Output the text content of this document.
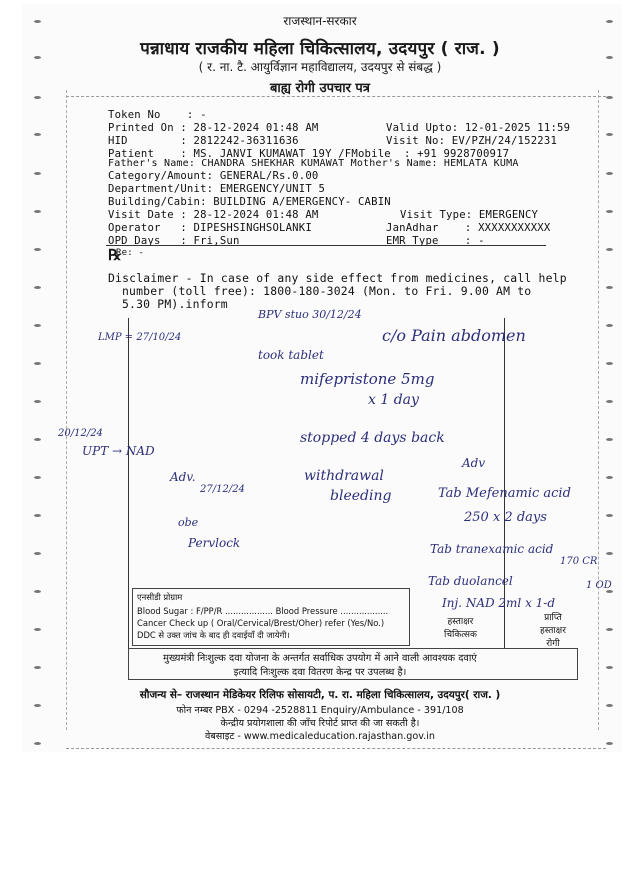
राजस्थान-सरकार
पन्नाधाय राजकीय महिला चिकित्सालय, उदयपुर ( राज. )
( र. ना. टै. आयुर्विज्ञान महाविद्यालय, उदयपुर से संबद्ध )
बाह्य रोगी उपचार पत्र
Token No    : -
Printed On : 28-12-2024 01:48 AM	Valid Upto: 12-01-2025 11:59
HID        : 2812242-36311636	Visit No: EV/PZH/24/152231
Patient    : MS. JANVI KUMAWAT 19Y /FMobile  : +91 9928700917
Father's Name: CHANDRA SHEKHAR KUMAWAT Mother's Name: HEMLATA KUMA
Category/Amount: GENERAL/Rs.0.00
Department/Unit: EMERGENCY/UNIT 5
Building/Cabin: BUILDING A/EMERGENCY- CABIN
Visit Date : 28-12-2024 01:48 AM	Visit Type: EMERGENCY
Operator   : DIPESHSINGHSOLANKI	JanAdhar    : XXXXXXXXXXX
OPD Days   : Fri,Sun	EMR Type    : -
Re: -
℞
Disclaimer - In case of any side effect from medicines, call help
number (toll free): 1800-180-3024 (Mon. to Fri. 9.00 AM to
5.30 PM).inform
BPV stuo 30/12/24
LMP = 27/10/24	c/o Pain abdomen
took tablet
mifepristone 5mg
x 1 day
stopped 4 days back
withdrawal
bleeding
20/12/24
UPT → NAD
Adv.
27/12/24
obe
Pervlock
Adv
Tab Mefenamic acid
250 x 2 days
Tab tranexamic acid
170 CR
Tab duolancel
Inj. NAD 2ml x 1-d
1 OD
एनसीडी प्रोग्राम
Blood Sugar : F/PP/R .................. Blood Pressure ..................
Cancer Check up ( Oral/Cervical/Brest/Oher) refer (Yes/No.)
DDC से उक्त जांच के बाद ही दवाईयाँ दी जायेगी।
हस्ताक्षर
चिकित्सक
प्राप्ति
हस्ताक्षर
रोगी
मुख्यमंत्री निःशुल्क दवा योजना के अन्तर्गत सर्वाधिक उपयोग में आने वाली आवश्यक दवाएं
इत्यादि निःशुल्क दवा वितरण केन्द्र पर उपलब्ध है।
सौजन्य से– राजस्थान मेडिकेयर रिलिफ सोसायटी, प. रा. महिला चिकित्सालय, उदयपुर( राज. )
फोन नम्बर PBX - 0294 -2528811 Enquiry/Ambulance - 391/108
केन्द्रीय प्रयोगशाला की जाँच रिपोर्ट प्राप्त की जा सकती है।
वेबसाइट - www.medicaleducation.rajasthan.gov.in
